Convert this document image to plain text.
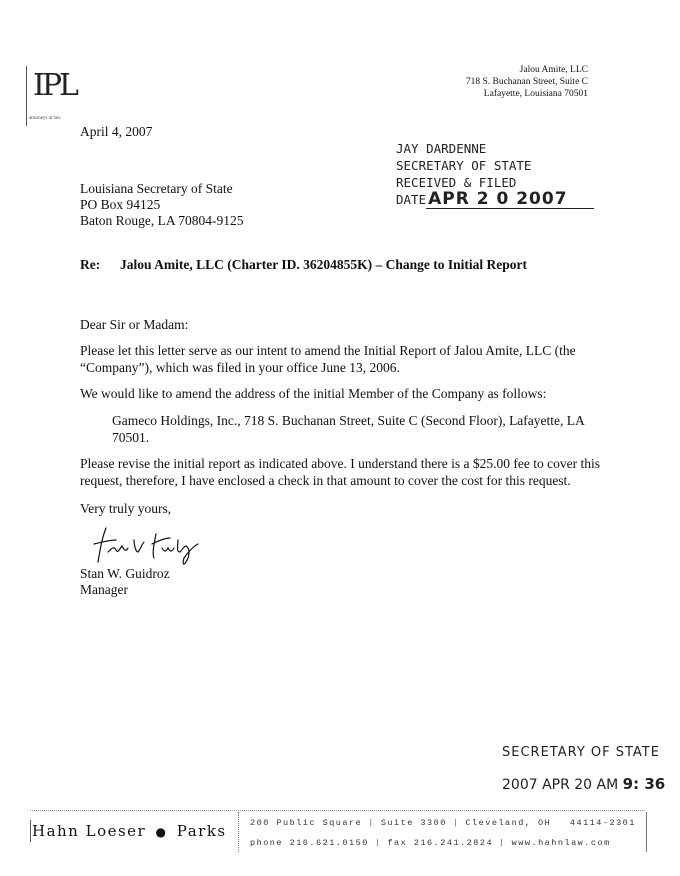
Jalou Amite, LLC
718 S. Buchanan Street, Suite C
Lafayette, Louisiana 70501
IPL
attorneys at law
April 4, 2007
JAY DARDENNE
SECRETARY OF STATE
RECEIVED & FILED
DATE APR 2 0 2007
Louisiana Secretary of State
PO Box 94125
Baton Rouge, LA 70804-9125
Re: Jalou Amite, LLC (Charter ID. 36204855K) – Change to Initial Report
Dear Sir or Madam:
Please let this letter serve as our intent to amend the Initial Report of Jalou Amite, LLC (the “Company”), which was filed in your office June 13, 2006.
We would like to amend the address of the initial Member of the Company as follows:
Gameco Holdings, Inc., 718 S. Buchanan Street, Suite C (Second Floor), Lafayette, LA 70501.
Please revise the initial report as indicated above. I understand there is a $25.00 fee to cover this request, therefore, I have enclosed a check in that amount to cover the cost for this request.
Very truly yours,
Stan W. Guidroz
Manager
SECRETARY OF STATE
2007 APR 20 AM 9: 36
Hahn Loeser ● Parks	200 Public Square | Suite 3300 | Cleveland, OH 44114-2301
phone 216.621.0150 | fax 216.241.2824 | www.hahnlaw.com
